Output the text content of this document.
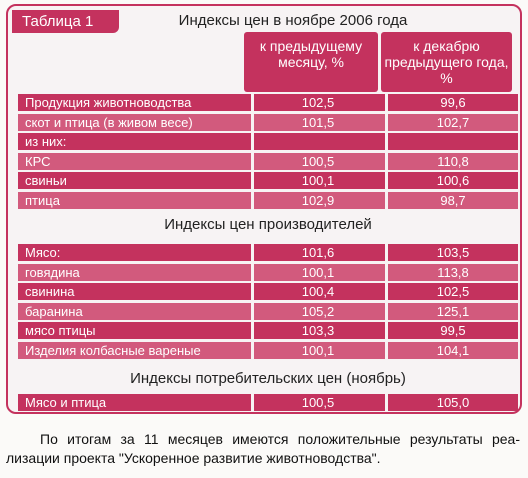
Таблица 1	Индексы цен в ноябре 2006 года
к предыдущему месяцу, %
к декабрю предыдущего года, %
Продукция животноводства	102,5	99,6
скот и птица (в живом весе)	101,5	102,7
из них:
КРС	100,5	110,8
свиньи	100,1	100,6
птица	102,9	98,7
Индексы цен производителей
Мясо:	101,6	103,5
говядина	100,1	113,8
свинина	100,4	102,5
баранина	105,2	125,1
мясо птицы	103,3	99,5
Изделия колбасные вареные	100,1	104,1
Индексы потребительских цен (ноябрь)
Мясо и птица	100,5	105,0
По итогам за 11 месяцев имеются положительные результаты реа-
лизации проекта "Ускоренное развитие животноводства".
